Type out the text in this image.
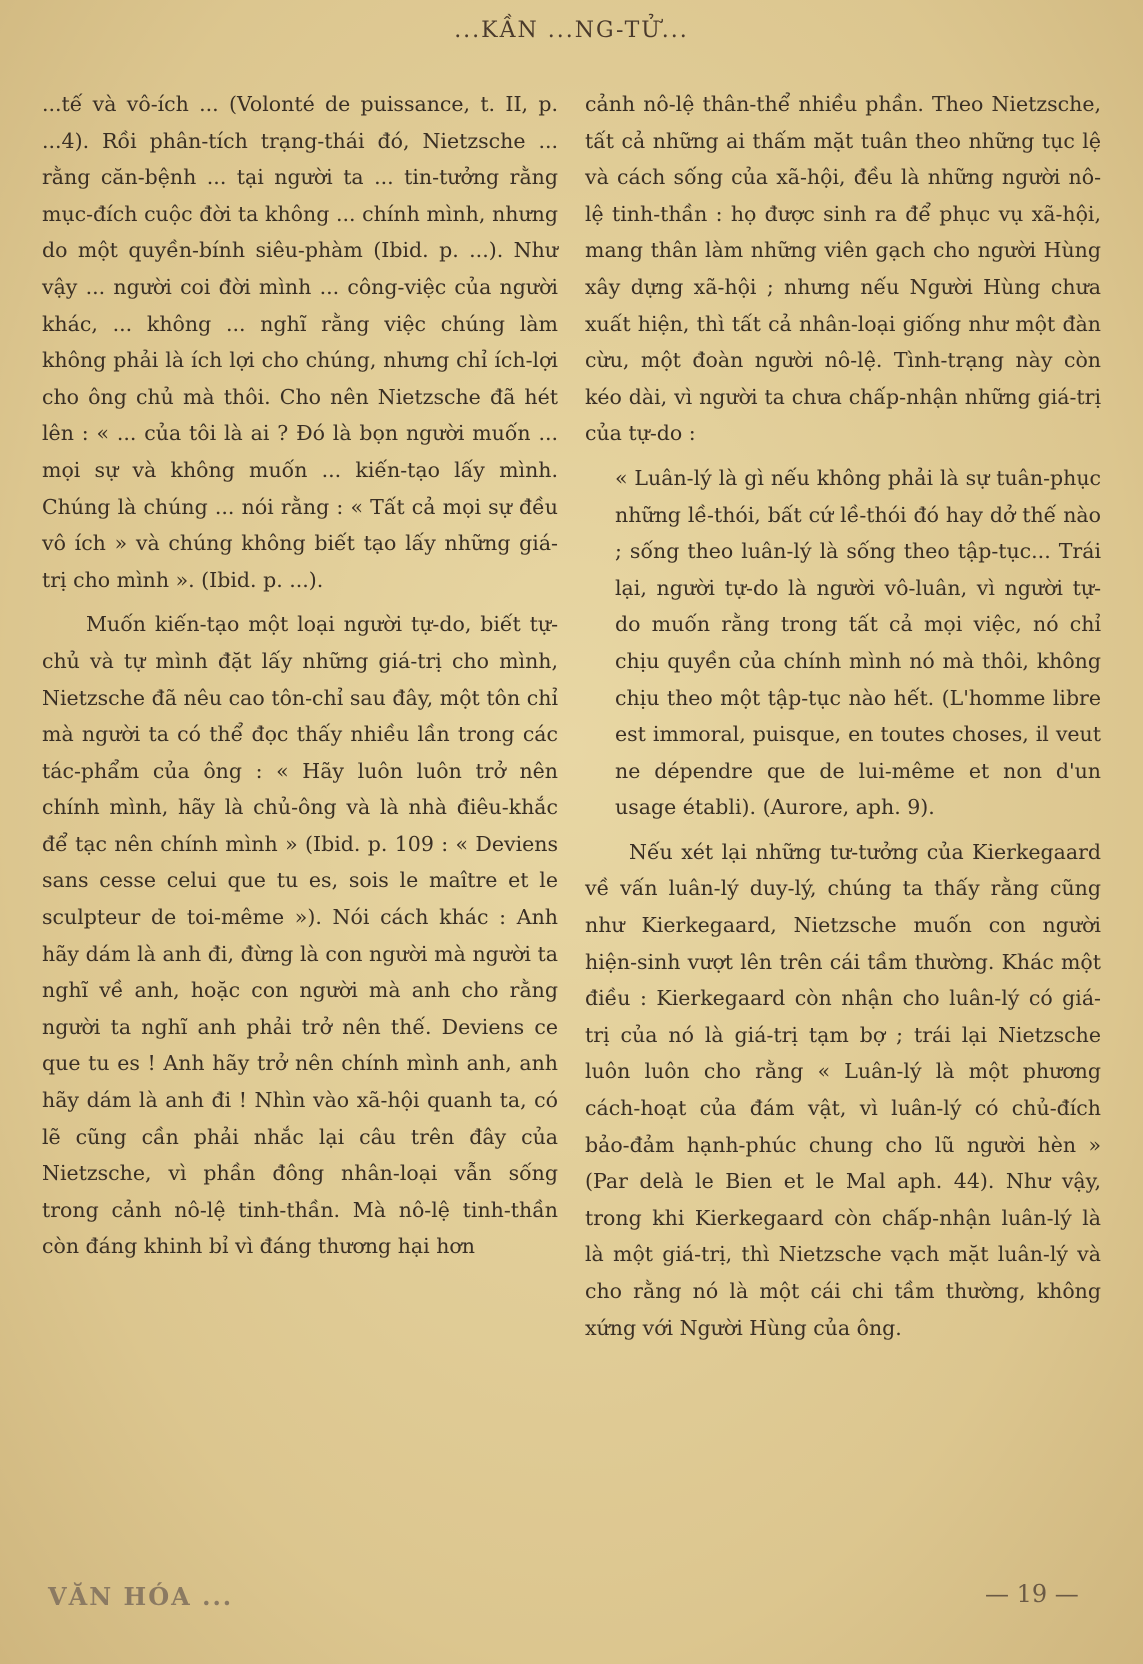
...KẦN ...NG-TỬ...

...tế và vô-ích ... (Volonté de puissance, t. II, p. ...4). Rồi phân-tích trạng-thái đó, Nietzsche ... rằng căn-bệnh ... tại người ta ... tin-tưởng rằng mục-đích cuộc đời ta không ... chính mình, nhưng do một quyền-bính siêu-phàm (Ibid. p. ...). Như vậy ... người coi đời mình ... công-việc của người khác, ... không ... nghĩ rằng việc chúng làm không phải là ích lợi cho chúng, nhưng chỉ ích-lợi cho ông chủ mà thôi. Cho nên Nietzsche đã hét lên : « ... của tôi là ai ? Đó là bọn người muốn ... mọi sự và không muốn ... kiến-tạo lấy mình. Chúng là chúng ... nói rằng : « Tất cả mọi sự đều vô ích » và chúng không biết tạo lấy những giá-trị cho mình ». (Ibid. p. ...).

Muốn kiến-tạo một loại người tự-do, biết tự-chủ và tự mình đặt lấy những giá-trị cho mình, Nietzsche đã nêu cao tôn-chỉ sau đây, một tôn chỉ mà người ta có thể đọc thấy nhiều lần trong các tác-phẩm của ông : « Hãy luôn luôn trở nên chính mình, hãy là chủ-ông và là nhà điêu-khắc để tạc nên chính mình » (Ibid. p. 109 : « Deviens sans cesse celui que tu es, sois le maître et le sculpteur de toi-même »). Nói cách khác : Anh hãy dám là anh đi, đừng là con người mà người ta nghĩ về anh, hoặc con người mà anh cho rằng người ta nghĩ anh phải trở nên thế. Deviens ce que tu es ! Anh hãy trở nên chính mình anh, anh hãy dám là anh đi ! Nhìn vào xã-hội quanh ta, có lẽ cũng cần phải nhắc lại câu trên đây của Nietzsche, vì phần đông nhân-loại vẫn sống trong cảnh nô-lệ tinh-thần. Mà nô-lệ tinh-thần còn đáng khinh bỉ vì đáng thương hại hơn

cảnh nô-lệ thân-thể nhiều phần. Theo Nietzsche, tất cả những ai thấm mặt tuân theo những tục lệ và cách sống của xã-hội, đều là những người nô-lệ tinh-thần : họ được sinh ra để phục vụ xã-hội, mang thân làm những viên gạch cho người Hùng xây dựng xã-hội ; nhưng nếu Người Hùng chưa xuất hiện, thì tất cả nhân-loại giống như một đàn cừu, một đoàn người nô-lệ. Tình-trạng này còn kéo dài, vì người ta chưa chấp-nhận những giá-trị của tự-do :

« Luân-lý là gì nếu không phải là sự tuân-phục những lề-thói, bất cứ lề-thói đó hay dở thế nào ; sống theo luân-lý là sống theo tập-tục... Trái lại, người tự-do là người vô-luân, vì người tự-do muốn rằng trong tất cả mọi việc, nó chỉ chịu quyền của chính mình nó mà thôi, không chịu theo một tập-tục nào hết. (L'homme libre est immoral, puisque, en toutes choses, il veut ne dépendre que de lui-même et non d'un usage établi). (Aurore, aph. 9).

Nếu xét lại những tư-tưởng của Kierkegaard về vấn luân-lý duy-lý, chúng ta thấy rằng cũng như Kierkegaard, Nietzsche muốn con người hiện-sinh vượt lên trên cái tầm thường. Khác một điều : Kierkegaard còn nhận cho luân-lý có giá-trị của nó là giá-trị tạm bợ ; trái lại Nietzsche luôn luôn cho rằng « Luân-lý là một phương cách-hoạt của đám vật, vì luân-lý có chủ-đích bảo-đảm hạnh-phúc chung cho lũ người hèn » (Par delà le Bien et le Mal aph. 44). Như vậy, trong khi Kierkegaard còn chấp-nhận luân-lý là là một giá-trị, thì Nietzsche vạch mặt luân-lý và cho rằng nó là một cái chi tầm thường, không xứng với Người Hùng của ông.

VĂN HÓA ...	— 19 —
